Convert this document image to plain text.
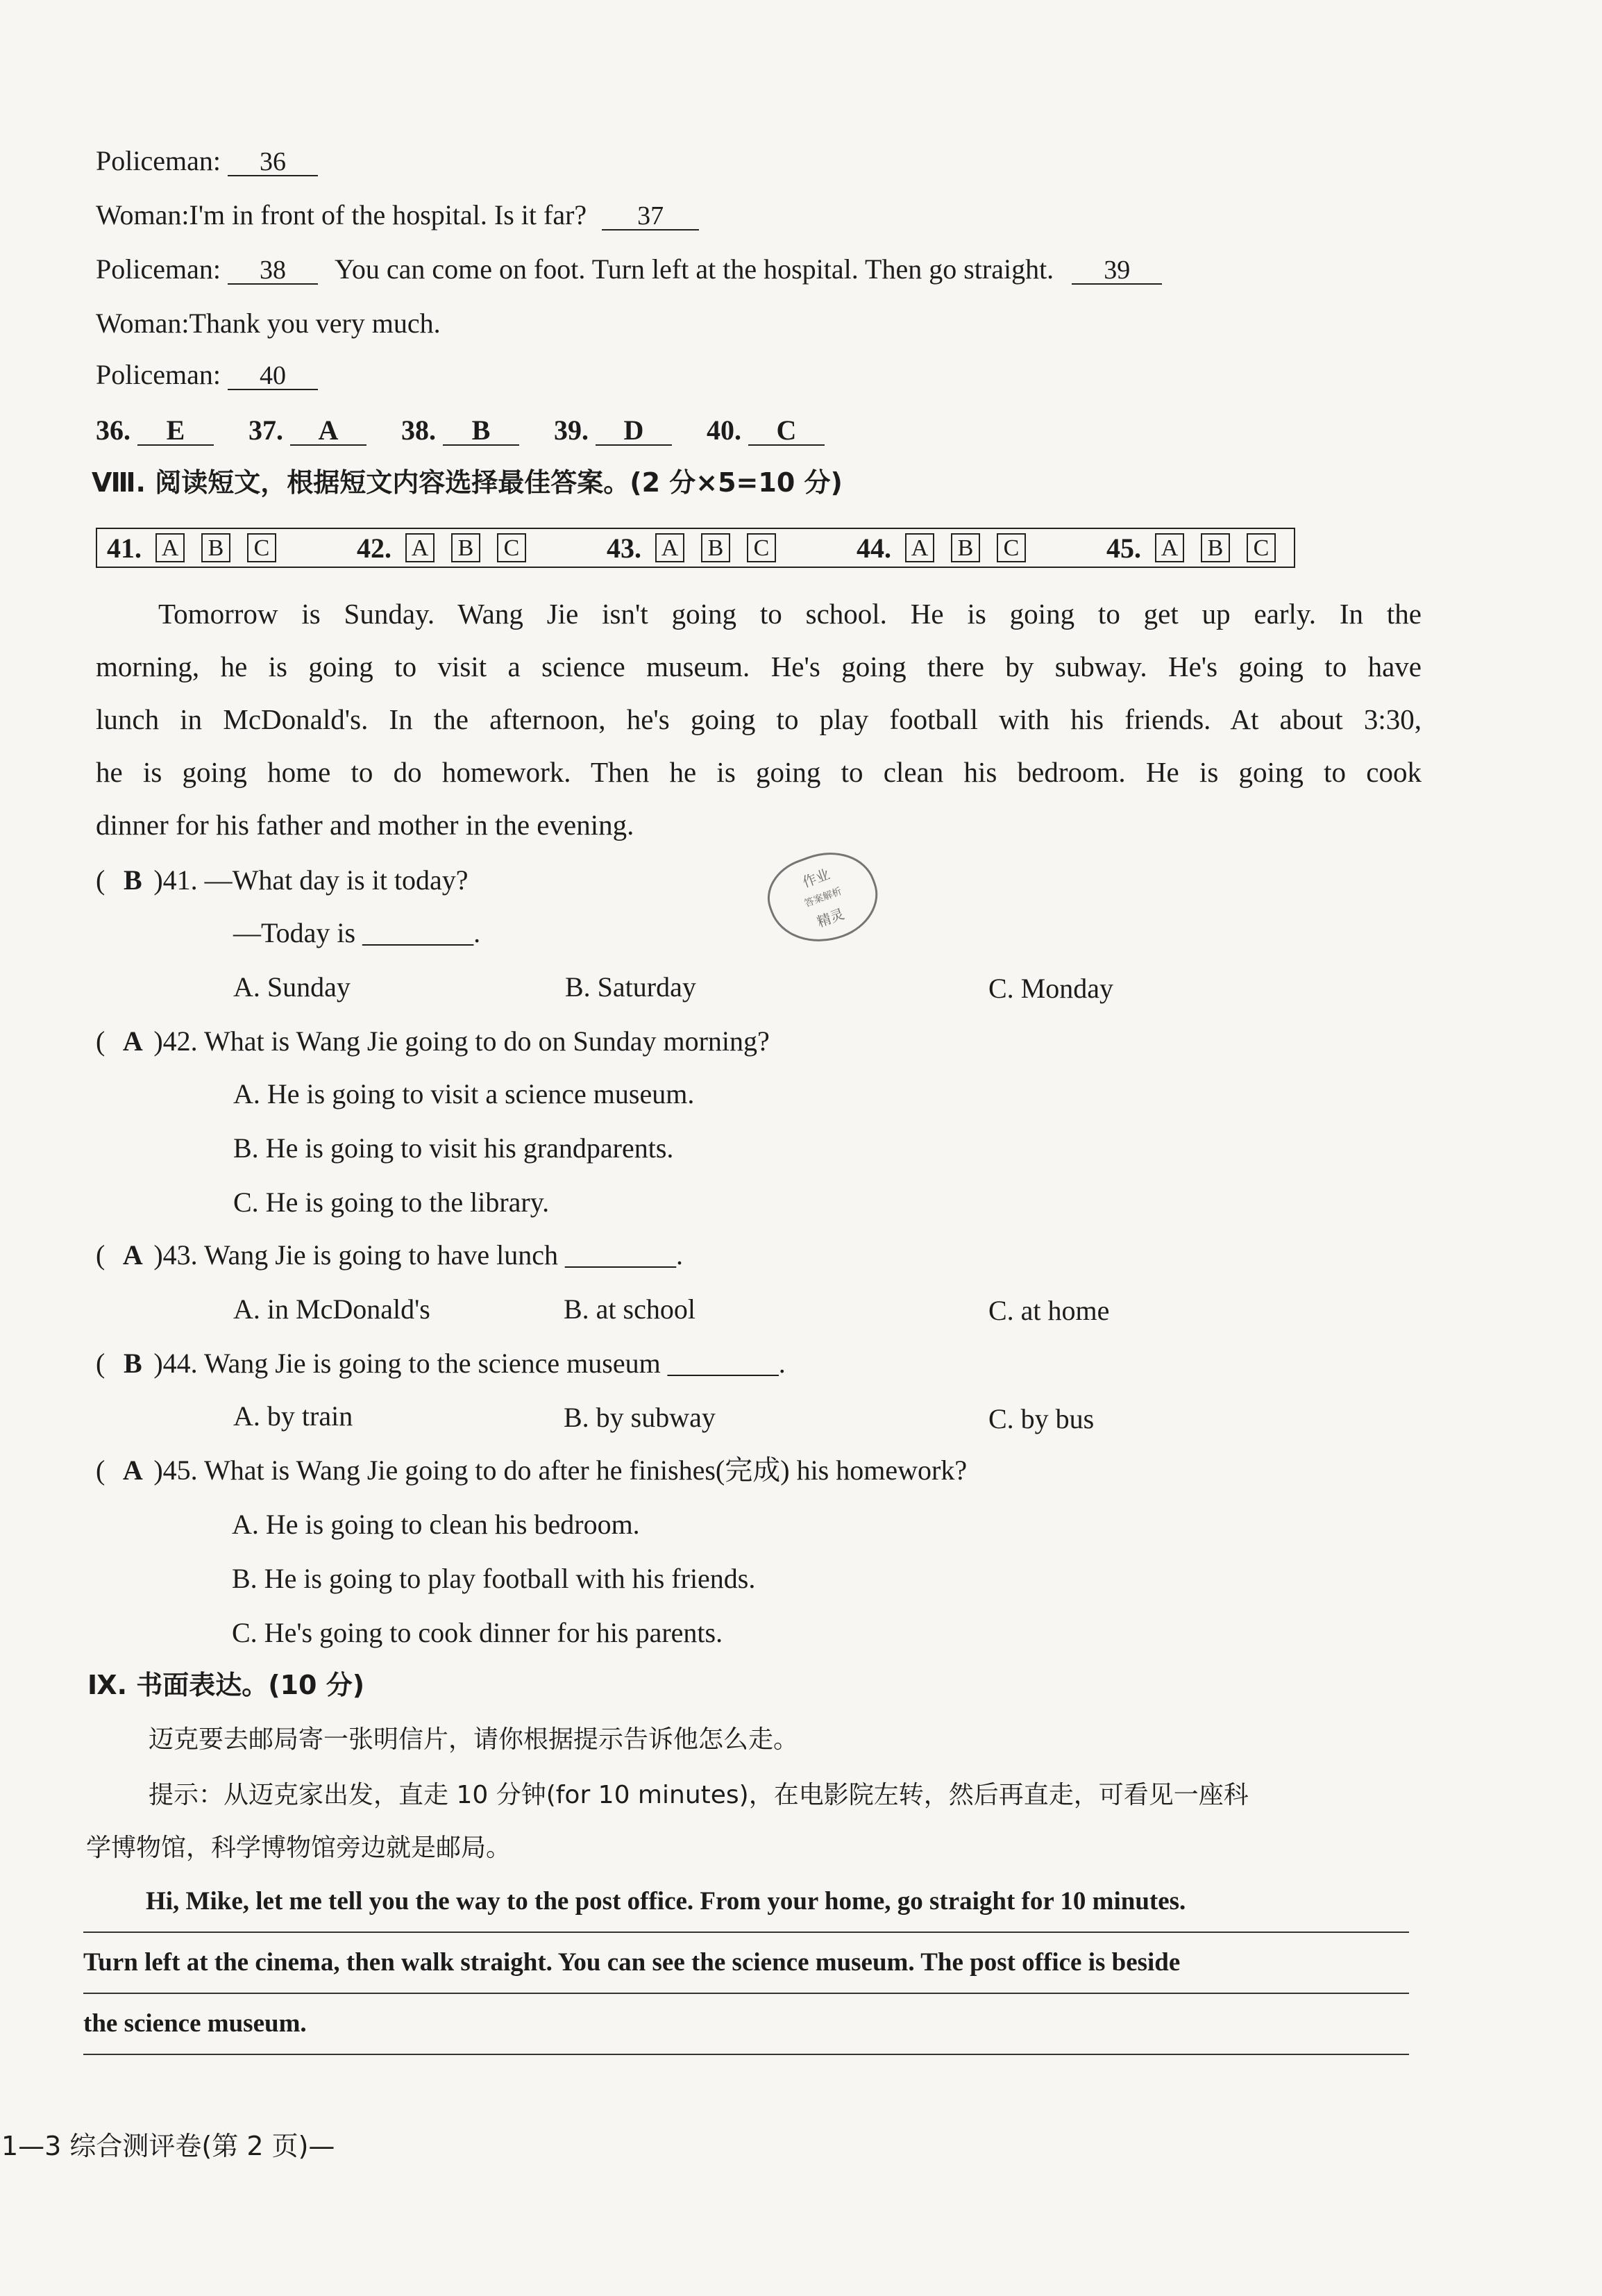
Policeman: 36
Woman:I'm in front of the hospital. Is it far? 37
Policeman: 38 You can come on foot. Turn left at the hospital. Then go straight. 39
Woman:Thank you very much.
Policeman: 40
36. E 37. A 38. B 39. D 40. C
Ⅷ. 阅读短文，根据短文内容选择最佳答案。(2 分×5=10 分)
41. A B C	42. A B C	43. A B C	44. A B C	45. A B C
Tomorrow is Sunday. Wang Jie isn't going to school. He is going to get up early. In the
morning, he is going to visit a science museum. He's going there by subway. He's going to have
lunch in McDonald's. In the afternoon, he's going to play football with his friends. At about 3:30,
he is going home to do homework. Then he is going to clean his bedroom. He is going to cook
dinner for his father and mother in the evening.
作业
答案解析
精灵
( B )41. —What day is it today?
—Today is ________.
A. Sunday	B. Saturday	C. Monday
( A )42. What is Wang Jie going to do on Sunday morning?
A. He is going to visit a science museum.
B. He is going to visit his grandparents.
C. He is going to the library.
( A )43. Wang Jie is going to have lunch ________.
A. in McDonald's	B. at school	C. at home
( B )44. Wang Jie is going to the science museum ________.
A. by train	B. by subway	C. by bus
( A )45. What is Wang Jie going to do after he finishes(完成) his homework?
A. He is going to clean his bedroom.
B. He is going to play football with his friends.
C. He's going to cook dinner for his parents.
Ⅸ. 书面表达。(10 分)
迈克要去邮局寄一张明信片，请你根据提示告诉他怎么走。
提示：从迈克家出发，直走 10 分钟(for 10 minutes)，在电影院左转，然后再直走，可看见一座科
学博物馆，科学博物馆旁边就是邮局。
Hi, Mike, let me tell you the way to the post office. From your home, go straight for 10 minutes.
Turn left at the cinema, then walk straight. You can see the science museum. The post office is beside
the science museum.
1—3 综合测评卷(第 2 页)—
